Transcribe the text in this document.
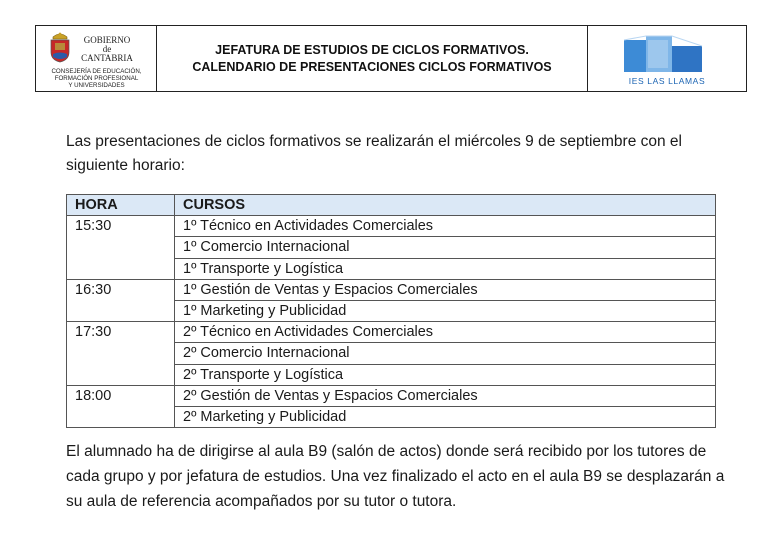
GOBIERNO
de
CANTABRIA
CONSEJERÍA DE EDUCACIÓN,
FORMACIÓN PROFESIONAL
Y UNIVERSIDADES
JEFATURA DE ESTUDIOS DE CICLOS FORMATIVOS.
CALENDARIO DE PRESENTACIONES CICLOS FORMATIVOS
IES LAS LLAMAS
Las presentaciones de ciclos formativos se realizarán el miércoles 9 de septiembre con el siguiente horario:
HORA	CURSOS
15:30	1º Técnico en Actividades Comerciales
	1º Comercio Internacional
	1º Transporte y Logística
16:30	1º Gestión de Ventas y Espacios Comerciales
	1º Marketing y Publicidad
17:30	2º Técnico en Actividades Comerciales
	2º Comercio Internacional
	2º Transporte y Logística
18:00	2º Gestión de Ventas y Espacios Comerciales
	2º Marketing y Publicidad
El alumnado ha de dirigirse al aula B9 (salón de actos) donde será recibido por los tutores de cada grupo y por jefatura de estudios. Una vez finalizado el acto en el aula B9 se desplazarán a su aula de referencia acompañados por su tutor o tutora.
